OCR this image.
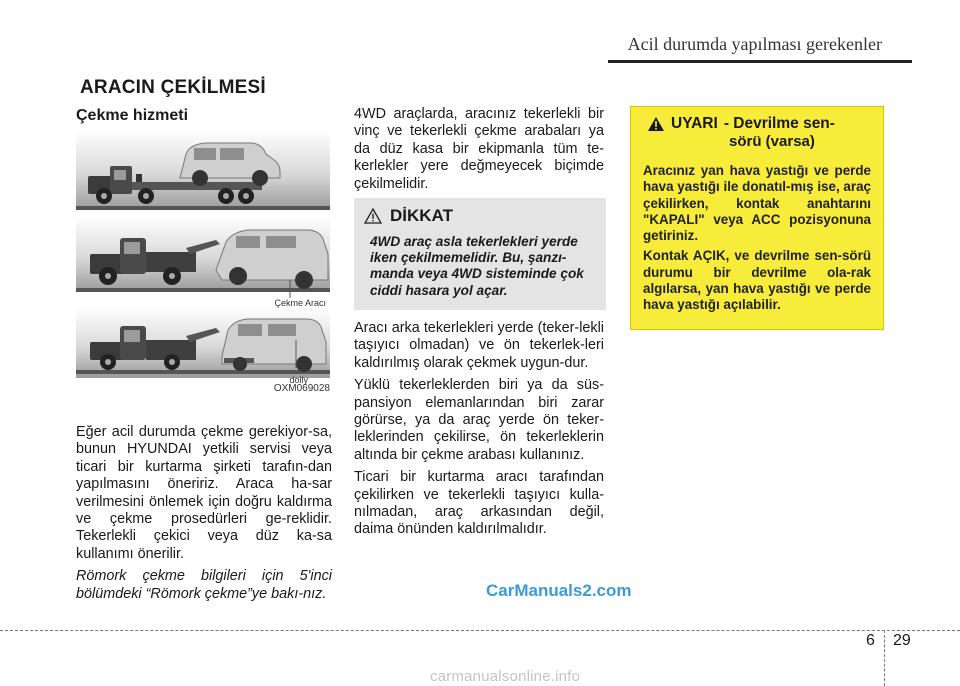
Acil durumda yapılması gerekenler
ARACIN ÇEKİLMESİ
Çekme hizmeti
Çekme Aracı
dolly
OXM069028

Eğer acil durumda çekme gerekiyor-sa, bunun HYUNDAI yetkili servisi veya ticari bir kurtarma şirketi tarafın-dan yapılmasını öneririz. Araca ha-sar verilmesini önlemek için doğru kaldırma ve çekme prosedürleri ge-reklidir. Tekerlekli çekici veya düz ka-sa kullanımı önerilir.

Römork çekme bilgileri için 5'inci bölümdeki “Römork çekme”ye bakı-nız.

4WD araçlarda, aracınız tekerlekli bir vinç ve tekerlekli çekme arabaları ya da düz kasa bir ekipmanla tüm te-kerlekler yere değmeyecek biçimde çekilmelidir.

DİKKAT
4WD araç asla tekerlekleri yerde iken çekilmemelidir. Bu, şanzı-manda veya 4WD sisteminde çok ciddi hasara yol açar.

Aracı arka tekerlekleri yerde (teker-lekli taşıyıcı olmadan) ve ön tekerlek-leri kaldırılmış olarak çekmek uygun-dur.

Yüklü tekerleklerden biri ya da süs-pansiyon elemanlarından biri zarar görürse, ya da araç yerde ön teker-leklerinden çekilirse, ön tekerleklerin altında bir çekme arabası kullanınız.

Ticari bir kurtarma aracı tarafından çekilirken ve tekerlekli taşıyıcı kulla-nılmadan, araç arkasından değil, daima önünden kaldırılmalıdır.

UYARI - Devrilme sen-
sörü (varsa)

Aracınız yan hava yastığı ve perde hava yastığı ile donatıl-mış ise, araç çekilirken, kontak anahtarını "KAPALI" veya ACC pozisyonuna getiriniz.

Kontak AÇIK, ve devrilme sen-sörü durumu bir devrilme ola-rak algılarsa, yan hava yastığı ve perde hava yastığı açılabilir.

CarManuals2.com
6 29
carmanualsonline.info
